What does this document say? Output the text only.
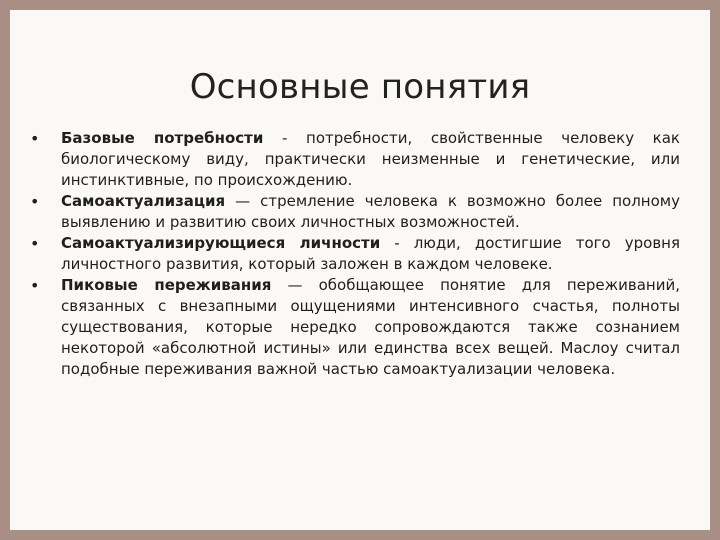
Основные понятия
• Базовые потребности - потребности, свойственные человеку как биологическому виду, практически неизменные и генетические, или инстинктивные, по происхождению.
• Самоактуализация — стремление человека к возможно более полному выявлению и развитию своих личностных возможностей.
• Самоактуализирующиеся личности - люди, достигшие того уровня личностного развития, который заложен в каждом человеке.
• Пиковые переживания — обобщающее понятие для переживаний, связанных с внезапными ощущениями интенсивного счастья, полноты существования, которые нередко сопровождаются также сознанием некоторой «абсолютной истины» или единства всех вещей. Маслоу считал подобные переживания важной частью самоактуализации человека.
